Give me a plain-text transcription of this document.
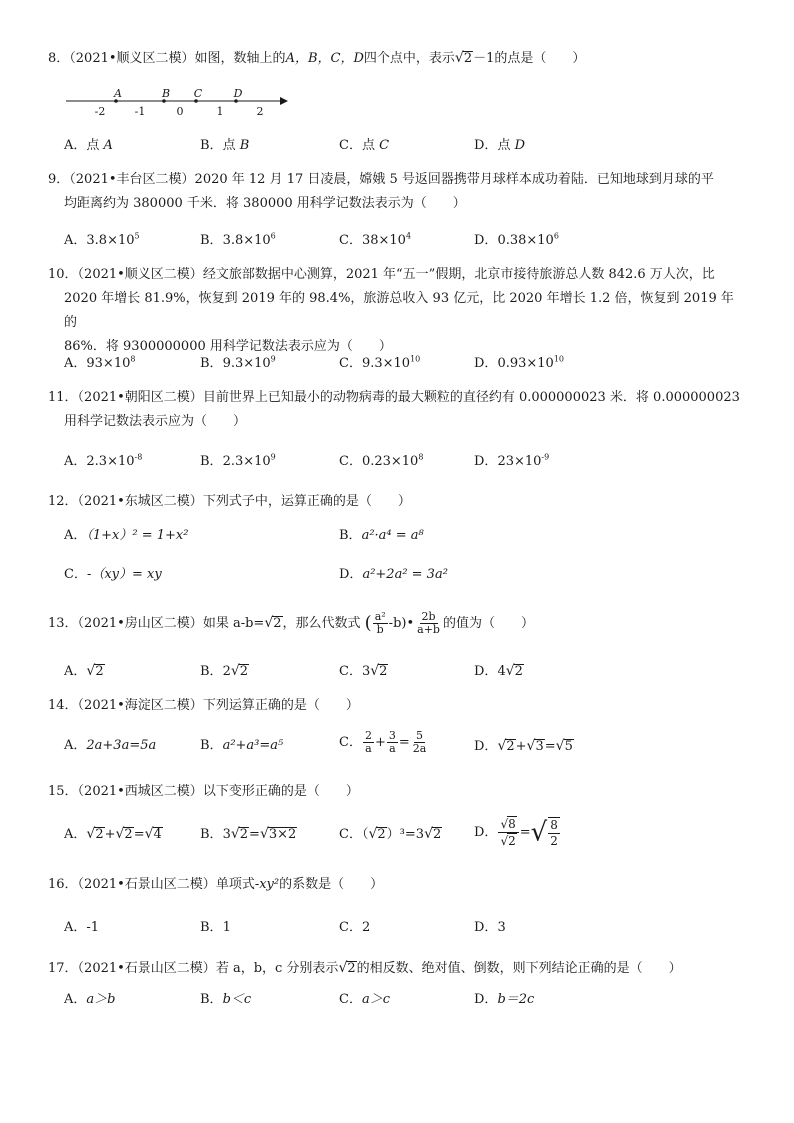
8．（2021•顺义区二模）如图，数轴上的A，B，C，D四个点中，表示√2－1的点是（　　）
-2	-1	0	1	2
A	B C	D
A．点 A	B．点 B	C．点 C	D．点 D
9．（2021•丰台区二模）2020 年 12 月 17 日凌晨，嫦娥 5 号返回器携带月球样本成功着陆．已知地球到月球的平
均距离约为 380000 千米．将 380000 用科学记数法表示为（　　）
A．$3.8\times 10^5$	B．$3.8\times 10^6$	C．$38\times 10^4$	D．$0.38\times 10^6$
10．（2021•顺义区二模）经文旅部数据中心测算，2021 年“五一”假期，北京市接待旅游总人数 842.6 万人次，比
2020 年增长 81.9%，恢复到 2019 年的 98.4%，旅游总收入 93 亿元，比 2020 年增长 1.2 倍，恢复到 2019 年的
86%．将 9300000000 用科学记数法表示应为（　　）
A．$93\times 10^8$	B．$9.3\times 10^9$	C．$9.3\times 10^{10}$	D．$0.93\times 10^{10}$
11．（2021•朝阳区二模）目前世界上已知最小的动物病毒的最大颗粒的直径约有 0.000000023 米．将 0.000000023
用科学记数法表示应为（　　）
A．$2.3\times 10^{-8}$	B．$2.3\times 10^9$	C．$0.23\times 10^8$	D．$23\times 10^{-9}$
12．（2021•东城区二模）下列式子中，运算正确的是（　　）
A．（1+x）² = 1+x²	B．a²·a⁴ = a⁸
C．-（xy）= xy	D．a²+2a² = 3a²
13．（2021•房山区二模）如果 a-b=√2，那么代数式 ( $\frac{\text{a²}}{b}$ -b)• $\frac{2b}{a+b}$ 的值为（　　）
A．√2	B．2√2	C．3√2	D．4√2
14．（2021•海淀区二模）下列运算正确的是（　　）
A．2a+3a=5a	B．a²+a³=a⁵	C． $\frac{2}{a} + \frac{3}{a} = \frac{5}{2a}$	D．√2+√3=√5
15．（2021•西城区二模）以下变形正确的是（　　）
A．√2+√2=√4	B．3√2=√3×2	C．（√2）³=3√2	D． $\frac{√8}{√2}$ =√ $\frac{8}{2}$
16．（2021•石景山区二模）单项式-xy²的系数是（　　）
A．-1	B．1	C．2	D．3
17．（2021•石景山区二模）若 a，b，c 分别表示√2的相反数、绝对值、倒数，则下列结论正确的是（　　）
A．a＞b	B．b＜c	C．a＞c	D．b＝2c
